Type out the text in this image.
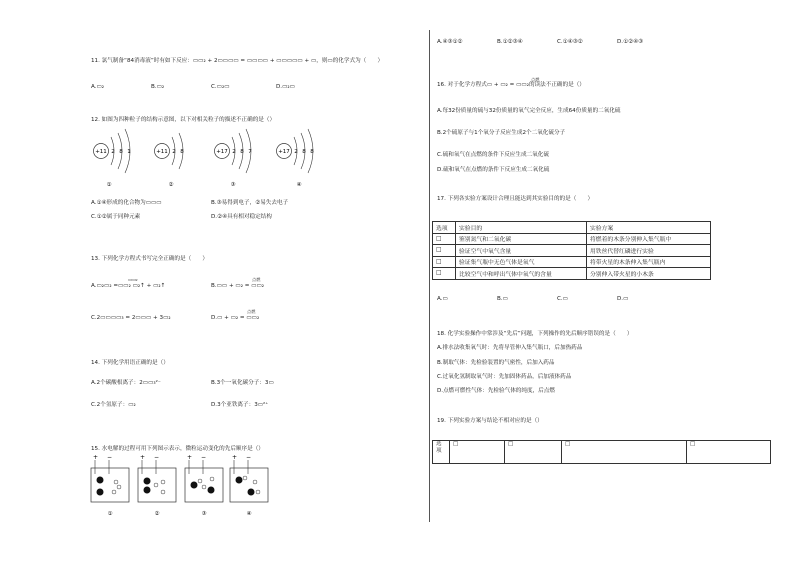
11. 氯气制备“84消毒液”时有如下反应：▭▭₂ + 2▭▭▭▭ = ▭▭▭▭ + ▭▭▭▭▭ + ▭，则▭的化学式为（　　）
A.▭₂	B.▭₂	C.▭₂▭	D.▭₂▭
12. 如图为四种粒子的结构示意图，以下对相关粒子的描述不正确的是（）
+11 2 8 1
①
+11 2 8
②
+17 2 8 7
③
+17 2 8 8
④
A.①④形成的化合物为▭▭▭	B.③易得到电子，②易失去电子
C.①②属于同种元素	D.②④具有相对稳定结构
13. 下列化学方程式书写完全正确的是（　　）
▭▭₂
A.▭₂▭₂ =▭▭₂ ▭₂↑ + ▭₂↑
点燃
B.▭▭ + ▭₂ = ▭▭₂
C.2▭▭▭▭₃ = 2▭▭▭ + 3▭₂
点燃
D.▭ + ▭₂ = ▭▭₂
14. 下列化学用语正确的是（）
A.2个碳酸根离子：2▭▭₃²⁻	B.3个一氧化碳分子：3▭
C.2个氢原子：▭₂	D.3个亚铁离子：3▭²⁺
15. 水电解的过程可用下列图示表示，微粒运动变化的先后顺序是（）
+ −
①
+ −
②
+ −
③
+ −
④
A.④③①②	B.①②③④	C.①④③②	D.①②④③
点燃
16. 对于化学方程式▭ + ▭₂ = ▭▭₂的读法不正确的是（）
A.每32份质量的硫与32份质量的氧气完全反应，生成64份质量的二氧化硫
B.2个硫原子与1个氧分子反应生成2个二氧化硫分子
C.硫和氧气在点燃的条件下反应生成二氧化硫
D.硫和氧气在点燃的条件下反应生成二氧化硫
17. 下列各实验方案设计合理且能达到其实验目的的是（　　）
选项	实验目的	实验方案
□	鉴别氮气和二氧化碳	将燃着的木条分别伸入集气瓶中
□	验证空气中氧气含量	用铁丝代替红磷进行实验
□	验证集气瓶中无色气体是氧气	将带火星的木条伸入集气瓶内
□	比较空气中和呼出气体中氧气的含量	分别伸入带火星的小木条
A.▭	B.▭	C.▭	D.▭
18. 化学实验操作中常涉及“先后”问题，下列操作的先后顺序错误的是（　　）
A.排水法收集氧气时：先将导管伸入集气瓶口，后加热药品
B.制取气体：先检验装置的气密性，后加入药品
C.过氧化氢制取氧气时：先加固体药品，后加液体药品
D.点燃可燃性气体：先检验气体的纯度，后点燃
19. 下列实验方案与结论不相对应的是（）
选项	□	□	□	□
